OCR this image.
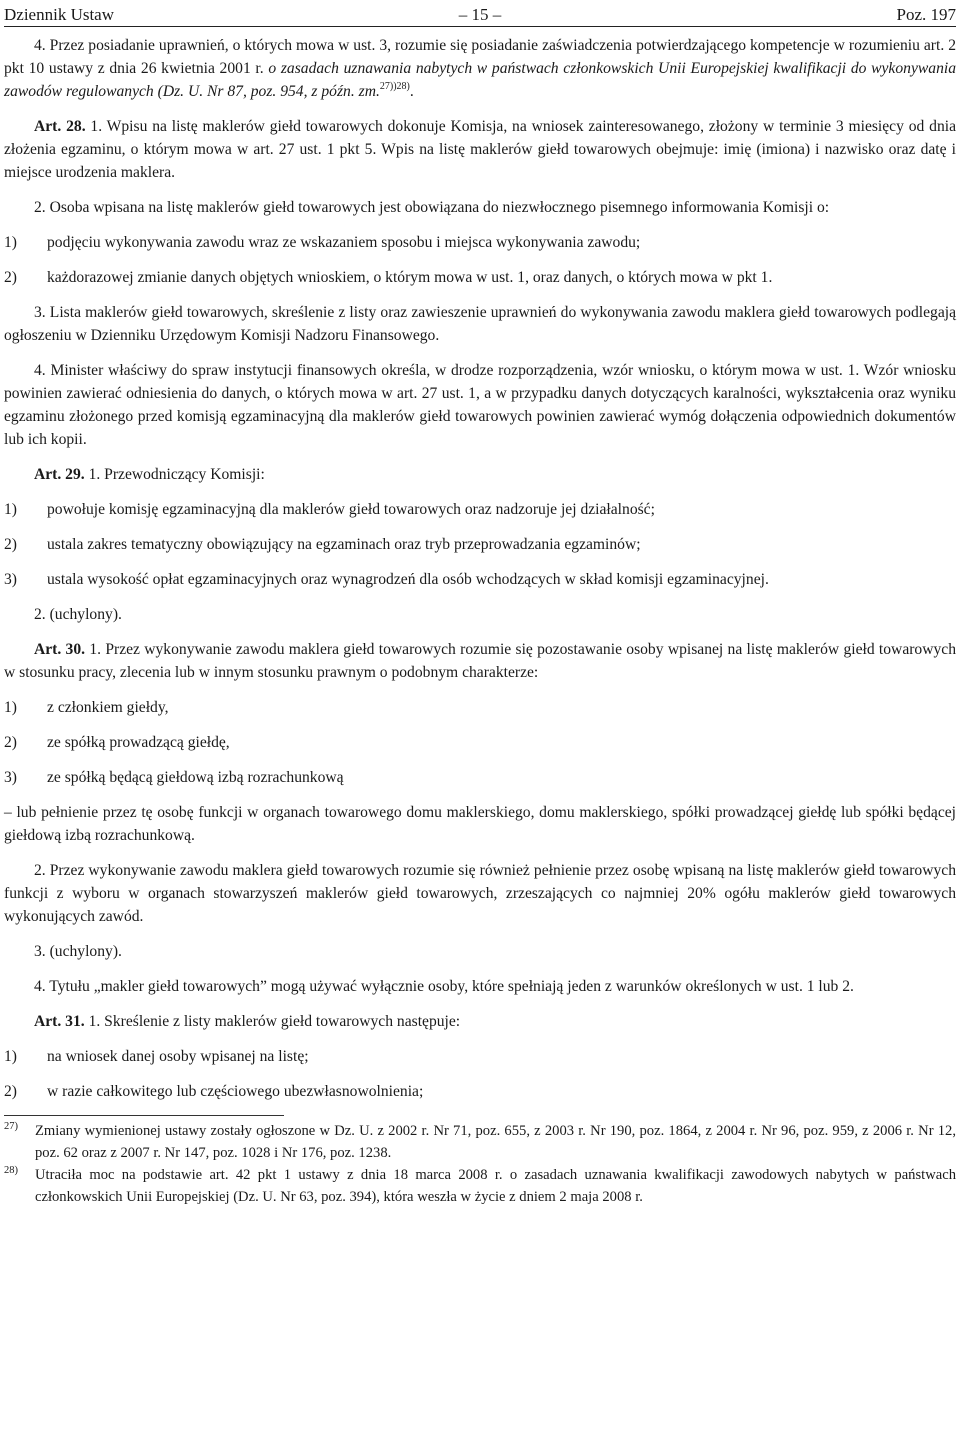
Dziennik Ustaw	– 15 –	Poz. 197

4. Przez posiadanie uprawnień, o których mowa w ust. 3, rozumie się posiadanie zaświadczenia potwierdzającego kompetencje w rozumieniu art. 2 pkt 10 ustawy z dnia 26 kwietnia 2001 r. o zasadach uznawania nabytych w państwach członkowskich Unii Europejskiej kwalifikacji do wykonywania zawodów regulowanych (Dz. U. Nr 87, poz. 954, z późn. zm.$^{27))28)}$.

Art. 28. 1. Wpisu na listę maklerów giełd towarowych dokonuje Komisja, na wniosek zainteresowanego, złożony w terminie 3 miesięcy od dnia złożenia egzaminu, o którym mowa w art. 27 ust. 1 pkt 5. Wpis na listę maklerów giełd towarowych obejmuje: imię (imiona) i nazwisko oraz datę i miejsce urodzenia maklera.

2. Osoba wpisana na listę maklerów giełd towarowych jest obowiązana do niezwłocznego pisemnego informowania Komisji o:

1) podjęciu wykonywania zawodu wraz ze wskazaniem sposobu i miejsca wykonywania zawodu;
2) każdorazowej zmianie danych objętych wnioskiem, o którym mowa w ust. 1, oraz danych, o których mowa w pkt 1.

3. Lista maklerów giełd towarowych, skreślenie z listy oraz zawieszenie uprawnień do wykonywania zawodu maklera giełd towarowych podlegają ogłoszeniu w Dzienniku Urzędowym Komisji Nadzoru Finansowego.

4. Minister właściwy do spraw instytucji finansowych określa, w drodze rozporządzenia, wzór wniosku, o którym mowa w ust. 1. Wzór wniosku powinien zawierać odniesienia do danych, o których mowa w art. 27 ust. 1, a w przypadku danych dotyczących karalności, wykształcenia oraz wyniku egzaminu złożonego przed komisją egzaminacyjną dla maklerów giełd towarowych powinien zawierać wymóg dołączenia odpowiednich dokumentów lub ich kopii.

Art. 29. 1. Przewodniczący Komisji:

1) powołuje komisję egzaminacyjną dla maklerów giełd towarowych oraz nadzoruje jej działalność;
2) ustala zakres tematyczny obowiązujący na egzaminach oraz tryb przeprowadzania egzaminów;
3) ustala wysokość opłat egzaminacyjnych oraz wynagrodzeń dla osób wchodzących w skład komisji egzaminacyjnej.

2. (uchylony).

Art. 30. 1. Przez wykonywanie zawodu maklera giełd towarowych rozumie się pozostawanie osoby wpisanej na listę maklerów giełd towarowych w stosunku pracy, zlecenia lub w innym stosunku prawnym o podobnym charakterze:

1) z członkiem giełdy,
2) ze spółką prowadzącą giełdę,
3) ze spółką będącą giełdową izbą rozrachunkową

– lub pełnienie przez tę osobę funkcji w organach towarowego domu maklerskiego, domu maklerskiego, spółki prowadzącej giełdę lub spółki będącej giełdową izbą rozrachunkową.

2. Przez wykonywanie zawodu maklera giełd towarowych rozumie się również pełnienie przez osobę wpisaną na listę maklerów giełd towarowych funkcji z wyboru w organach stowarzyszeń maklerów giełd towarowych, zrzeszających co najmniej 20% ogółu maklerów giełd towarowych wykonujących zawód.

3. (uchylony).

4. Tytułu „makler giełd towarowych” mogą używać wyłącznie osoby, które spełniają jeden z warunków określonych w ust. 1 lub 2.

Art. 31. 1. Skreślenie z listy maklerów giełd towarowych następuje:

1) na wniosek danej osoby wpisanej na listę;
2) w razie całkowitego lub częściowego ubezwłasnowolnienia;
27) Zmiany wymienionej ustawy zostały ogłoszone w Dz. U. z 2002 r. Nr 71, poz. 655, z 2003 r. Nr 190, poz. 1864, z 2004 r. Nr 96, poz. 959, z 2006 r. Nr 12, poz. 62 oraz z 2007 r. Nr 147, poz. 1028 i Nr 176, poz. 1238.
28) Utraciła moc na podstawie art. 42 pkt 1 ustawy z dnia 18 marca 2008 r. o zasadach uznawania kwalifikacji zawodowych nabytych w państwach członkowskich Unii Europejskiej (Dz. U. Nr 63, poz. 394), która weszła w życie z dniem 2 maja 2008 r.
